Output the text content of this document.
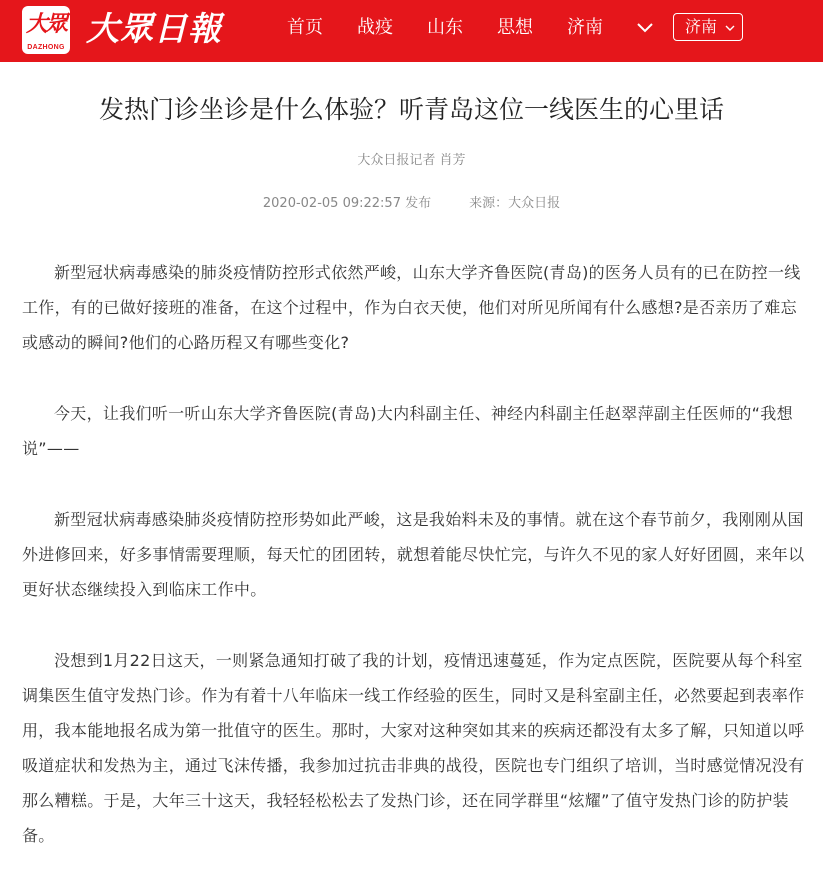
大眾
DAZHONG 大眾日報	首页 战疫 山东 思想 济南	济南
发热门诊坐诊是什么体验？听青岛这位一线医生的心里话
大众日报记者 肖芳
2020-02-05 09:22:57 发布	来源：大众日报

新型冠状病毒感染的肺炎疫情防控形式依然严峻，山东大学齐鲁医院(青岛)的医务人员有的已在防控一线工作，有的已做好接班的准备，在这个过程中，作为白衣天使，他们对所见所闻有什么感想?是否亲历了难忘或感动的瞬间?他们的心路历程又有哪些变化?

今天，让我们听一听山东大学齐鲁医院(青岛)大内科副主任、神经内科副主任赵翠萍副主任医师的“我想说”——

新型冠状病毒感染肺炎疫情防控形势如此严峻，这是我始料未及的事情。就在这个春节前夕，我刚刚从国外进修回来，好多事情需要理顺，每天忙的团团转，就想着能尽快忙完，与许久不见的家人好好团圆，来年以更好状态继续投入到临床工作中。

没想到1月22日这天，一则紧急通知打破了我的计划，疫情迅速蔓延，作为定点医院，医院要从每个科室调集医生值守发热门诊。作为有着十八年临床一线工作经验的医生，同时又是科室副主任，必然要起到表率作用，我本能地报名成为第一批值守的医生。那时，大家对这种突如其来的疾病还都没有太多了解，只知道以呼吸道症状和发热为主，通过飞沫传播，我参加过抗击非典的战役，医院也专门组织了培训，当时感觉情况没有那么糟糕。于是，大年三十这天，我轻轻松松去了发热门诊，还在同学群里“炫耀”了值守发热门诊的防护装备。
